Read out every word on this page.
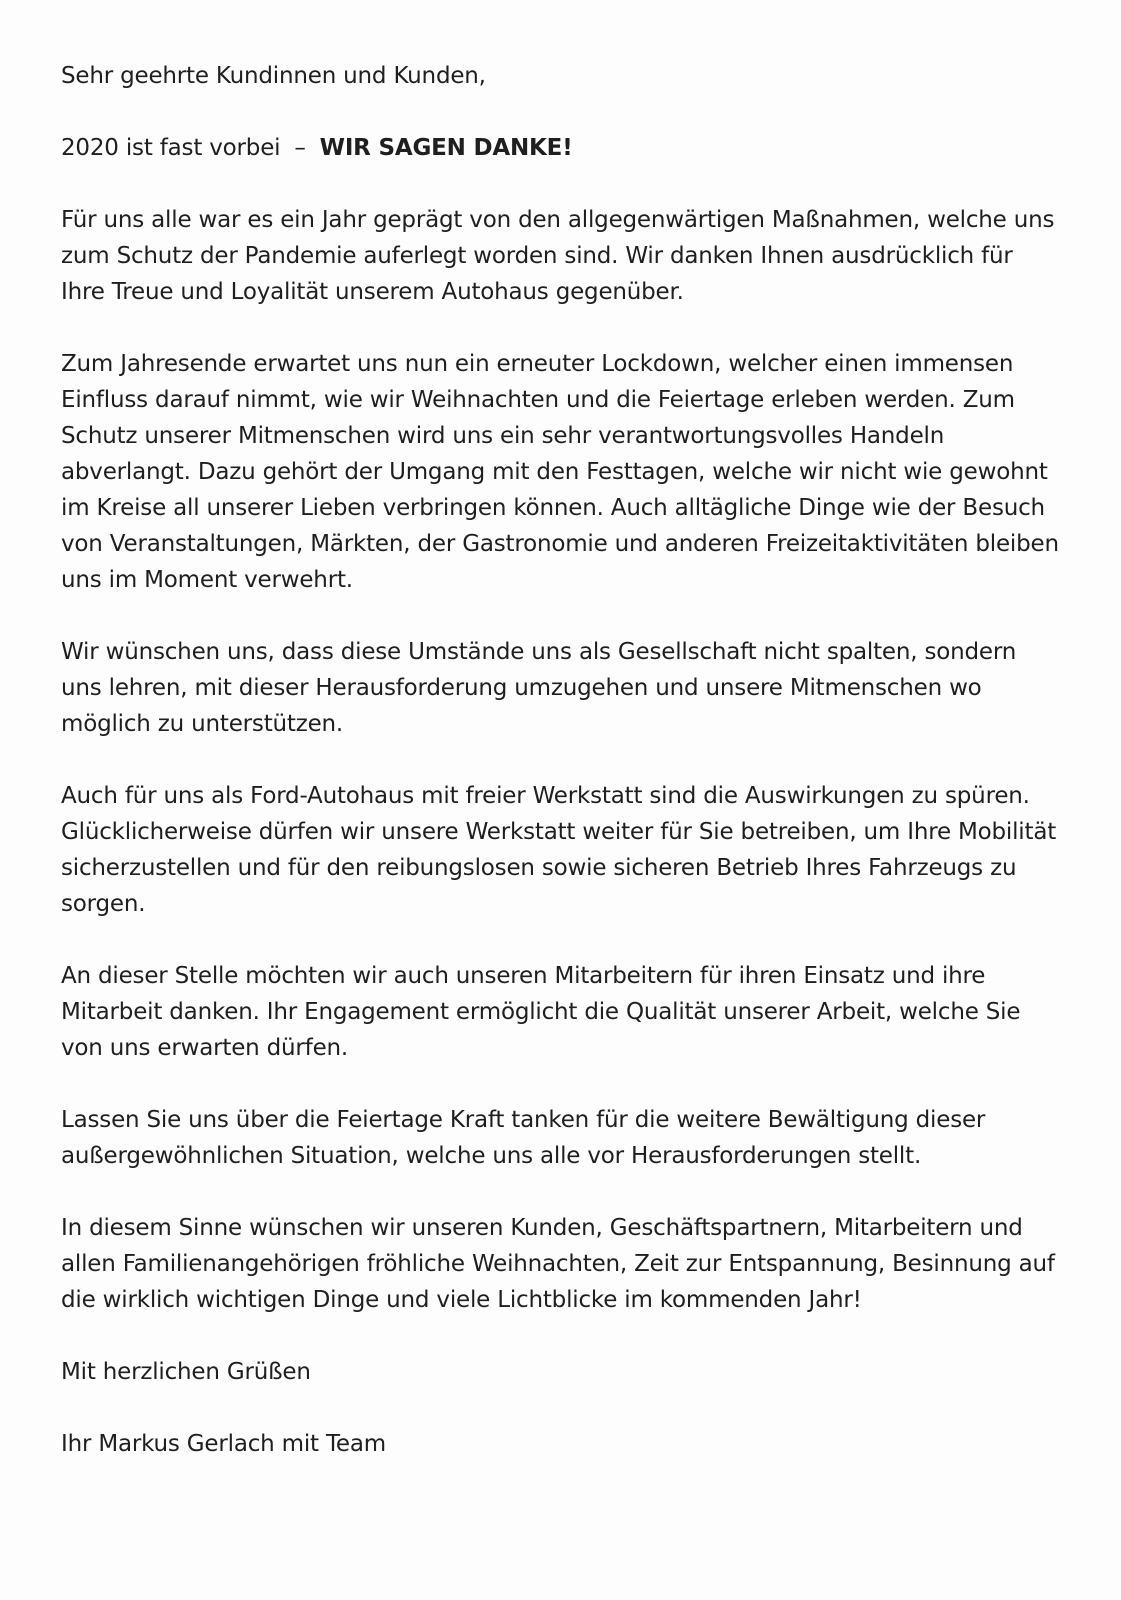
Sehr geehrte Kundinnen und Kunden,

2020 ist fast vorbei – WIR SAGEN DANKE!

Für uns alle war es ein Jahr geprägt von den allgegenwärtigen Maßnahmen, welche uns zum Schutz der Pandemie auferlegt worden sind. Wir danken Ihnen ausdrücklich für Ihre Treue und Loyalität unserem Autohaus gegenüber.

Zum Jahresende erwartet uns nun ein erneuter Lockdown, welcher einen immensen Einfluss darauf nimmt, wie wir Weihnachten und die Feiertage erleben werden. Zum Schutz unserer Mitmenschen wird uns ein sehr verantwortungsvolles Handeln abverlangt. Dazu gehört der Umgang mit den Festtagen, welche wir nicht wie gewohnt im Kreise all unserer Lieben verbringen können. Auch alltägliche Dinge wie der Besuch von Veranstaltungen, Märkten, der Gastronomie und anderen Freizeitaktivitäten bleiben uns im Moment verwehrt.

Wir wünschen uns, dass diese Umstände uns als Gesellschaft nicht spalten, sondern uns lehren, mit dieser Herausforderung umzugehen und unsere Mitmenschen wo möglich zu unterstützen.

Auch für uns als Ford-Autohaus mit freier Werkstatt sind die Auswirkungen zu spüren. Glücklicherweise dürfen wir unsere Werkstatt weiter für Sie betreiben, um Ihre Mobilität sicherzustellen und für den reibungslosen sowie sicheren Betrieb Ihres Fahrzeugs zu sorgen.

An dieser Stelle möchten wir auch unseren Mitarbeitern für ihren Einsatz und ihre Mitarbeit danken. Ihr Engagement ermöglicht die Qualität unserer Arbeit, welche Sie von uns erwarten dürfen.

Lassen Sie uns über die Feiertage Kraft tanken für die weitere Bewältigung dieser außergewöhnlichen Situation, welche uns alle vor Herausforderungen stellt.

In diesem Sinne wünschen wir unseren Kunden, Geschäftspartnern, Mitarbeitern und allen Familienangehörigen fröhliche Weihnachten, Zeit zur Entspannung, Besinnung auf die wirklich wichtigen Dinge und viele Lichtblicke im kommenden Jahr!

Mit herzlichen Grüßen

Ihr Markus Gerlach mit Team
